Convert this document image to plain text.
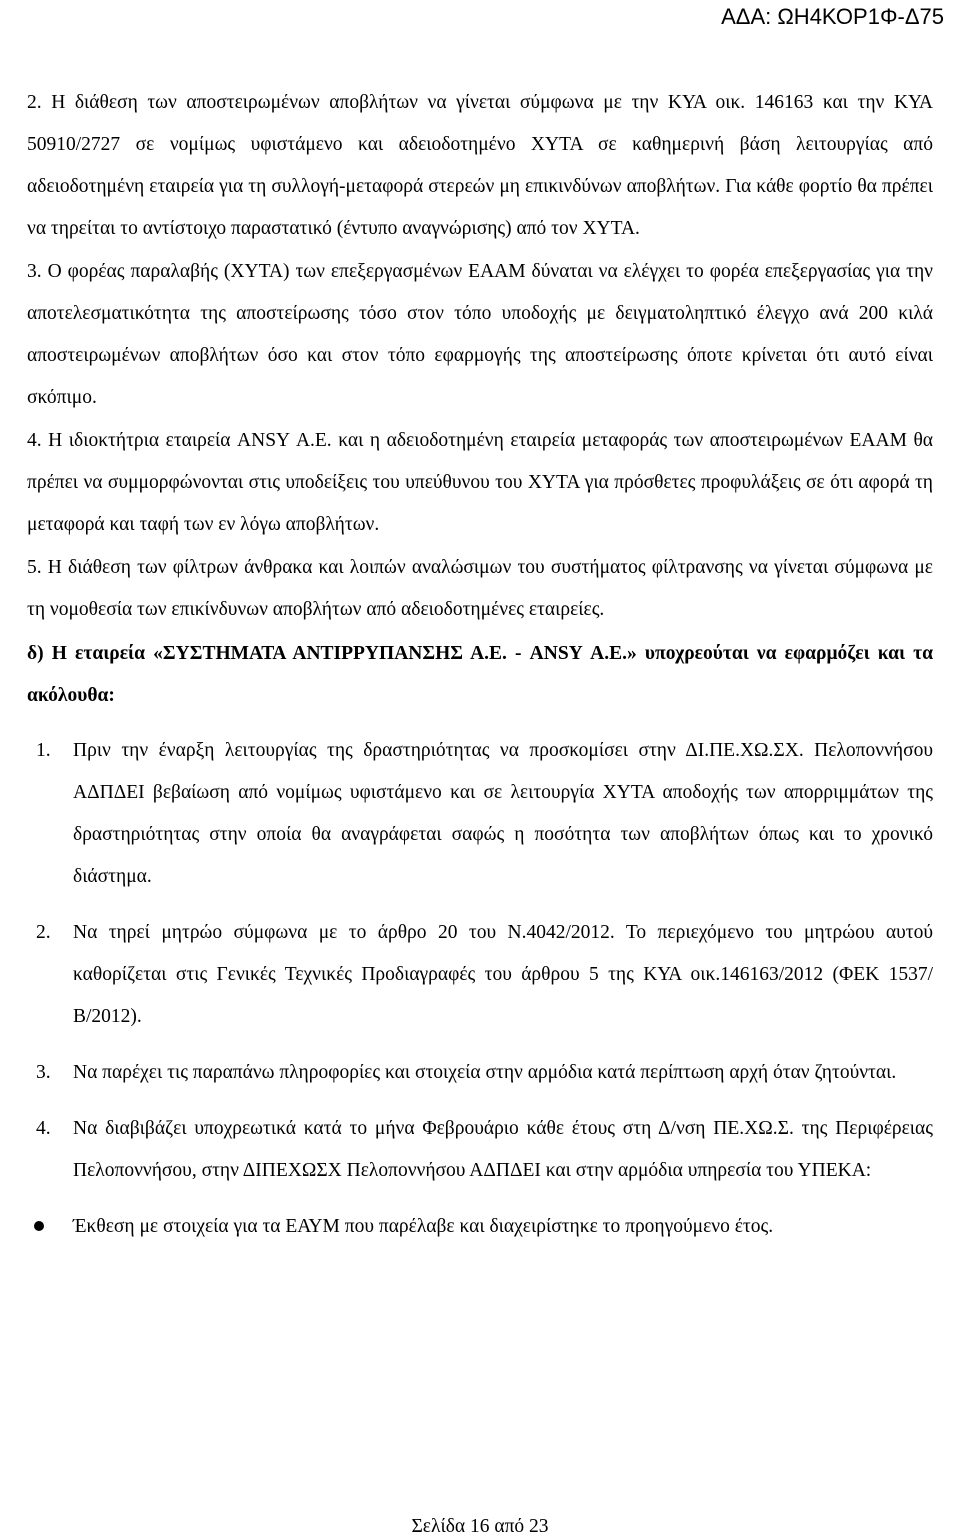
ΑΔΑ: ΩΗ4ΚΟΡ1Φ-Δ75

2. Η διάθεση των αποστειρωμένων αποβλήτων να γίνεται σύμφωνα με την ΚΥΑ οικ. 146163 και την ΚΥΑ 50910/2727 σε νομίμως υφιστάμενο και αδειοδοτημένο ΧΥΤΑ σε καθημερινή βάση λειτουργίας από αδειοδοτημένη εταιρεία για τη συλλογή-μεταφορά στερεών μη επικινδύνων αποβλήτων. Για κάθε φορτίο θα πρέπει να τηρείται το αντίστοιχο παραστατικό (έντυπο αναγνώρισης) από τον ΧΥΤΑ.

3. Ο φορέας παραλαβής (ΧΥΤΑ) των επεξεργασμένων ΕΑΑΜ δύναται να ελέγχει το φορέα επεξεργασίας για την αποτελεσματικότητα της αποστείρωσης τόσο στον τόπο υποδοχής με δειγματοληπτικό έλεγχο ανά 200 κιλά αποστειρωμένων αποβλήτων όσο και στον τόπο εφαρμογής της αποστείρωσης όποτε κρίνεται ότι αυτό είναι σκόπιμο.

4. Η ιδιοκτήτρια εταιρεία ANSY Α.Ε. και η αδειοδοτημένη εταιρεία μεταφοράς των αποστειρωμένων ΕΑΑΜ θα πρέπει να συμμορφώνονται στις υποδείξεις του υπεύθυνου του ΧΥΤΑ για πρόσθετες προφυλάξεις σε ότι αφορά τη μεταφορά και ταφή των εν λόγω αποβλήτων.

5. Η διάθεση των φίλτρων άνθρακα και λοιπών αναλώσιμων του συστήματος φίλτρανσης να γίνεται σύμφωνα με τη νομοθεσία των επικίνδυνων αποβλήτων από αδειοδοτημένες εταιρείες.

δ) Η εταιρεία «ΣΥΣΤΗΜΑΤΑ ΑΝΤΙΡΡΥΠΑΝΣΗΣ Α.Ε. - ANSY Α.Ε.» υποχρεούται να εφαρμόζει και τα ακόλουθα:

1. Πριν την έναρξη λειτουργίας της δραστηριότητας να προσκομίσει στην ΔΙ.ΠΕ.ΧΩ.ΣΧ. Πελοποννήσου ΑΔΠΔΕΙ βεβαίωση από νομίμως υφιστάμενο και σε λειτουργία ΧΥΤΑ αποδοχής των απορριμμάτων της δραστηριότητας στην οποία θα αναγράφεται σαφώς η ποσότητα των αποβλήτων όπως και το χρονικό διάστημα.
2. Να τηρεί μητρώο σύμφωνα με το άρθρο 20 του Ν.4042/2012. Το περιεχόμενο του μητρώου αυτού καθορίζεται στις Γενικές Τεχνικές Προδιαγραφές του άρθρου 5 της ΚΥΑ οικ.146163/2012 (ΦΕΚ 1537/Β/2012).
3. Να παρέχει τις παραπάνω πληροφορίες και στοιχεία στην αρμόδια κατά περίπτωση αρχή όταν ζητούνται.
4. Να διαβιβάζει υποχρεωτικά κατά το μήνα Φεβρουάριο κάθε έτους στη Δ/νση ΠΕ.ΧΩ.Σ. της Περιφέρειας Πελοποννήσου, στην ΔΙΠΕΧΩΣΧ Πελοποννήσου ΑΔΠΔΕΙ και στην αρμόδια υπηρεσία του ΥΠΕΚΑ:
Έκθεση με στοιχεία για τα ΕΑΥΜ που παρέλαβε και διαχειρίστηκε το προηγούμενο έτος.
Σελίδα 16 από 23
